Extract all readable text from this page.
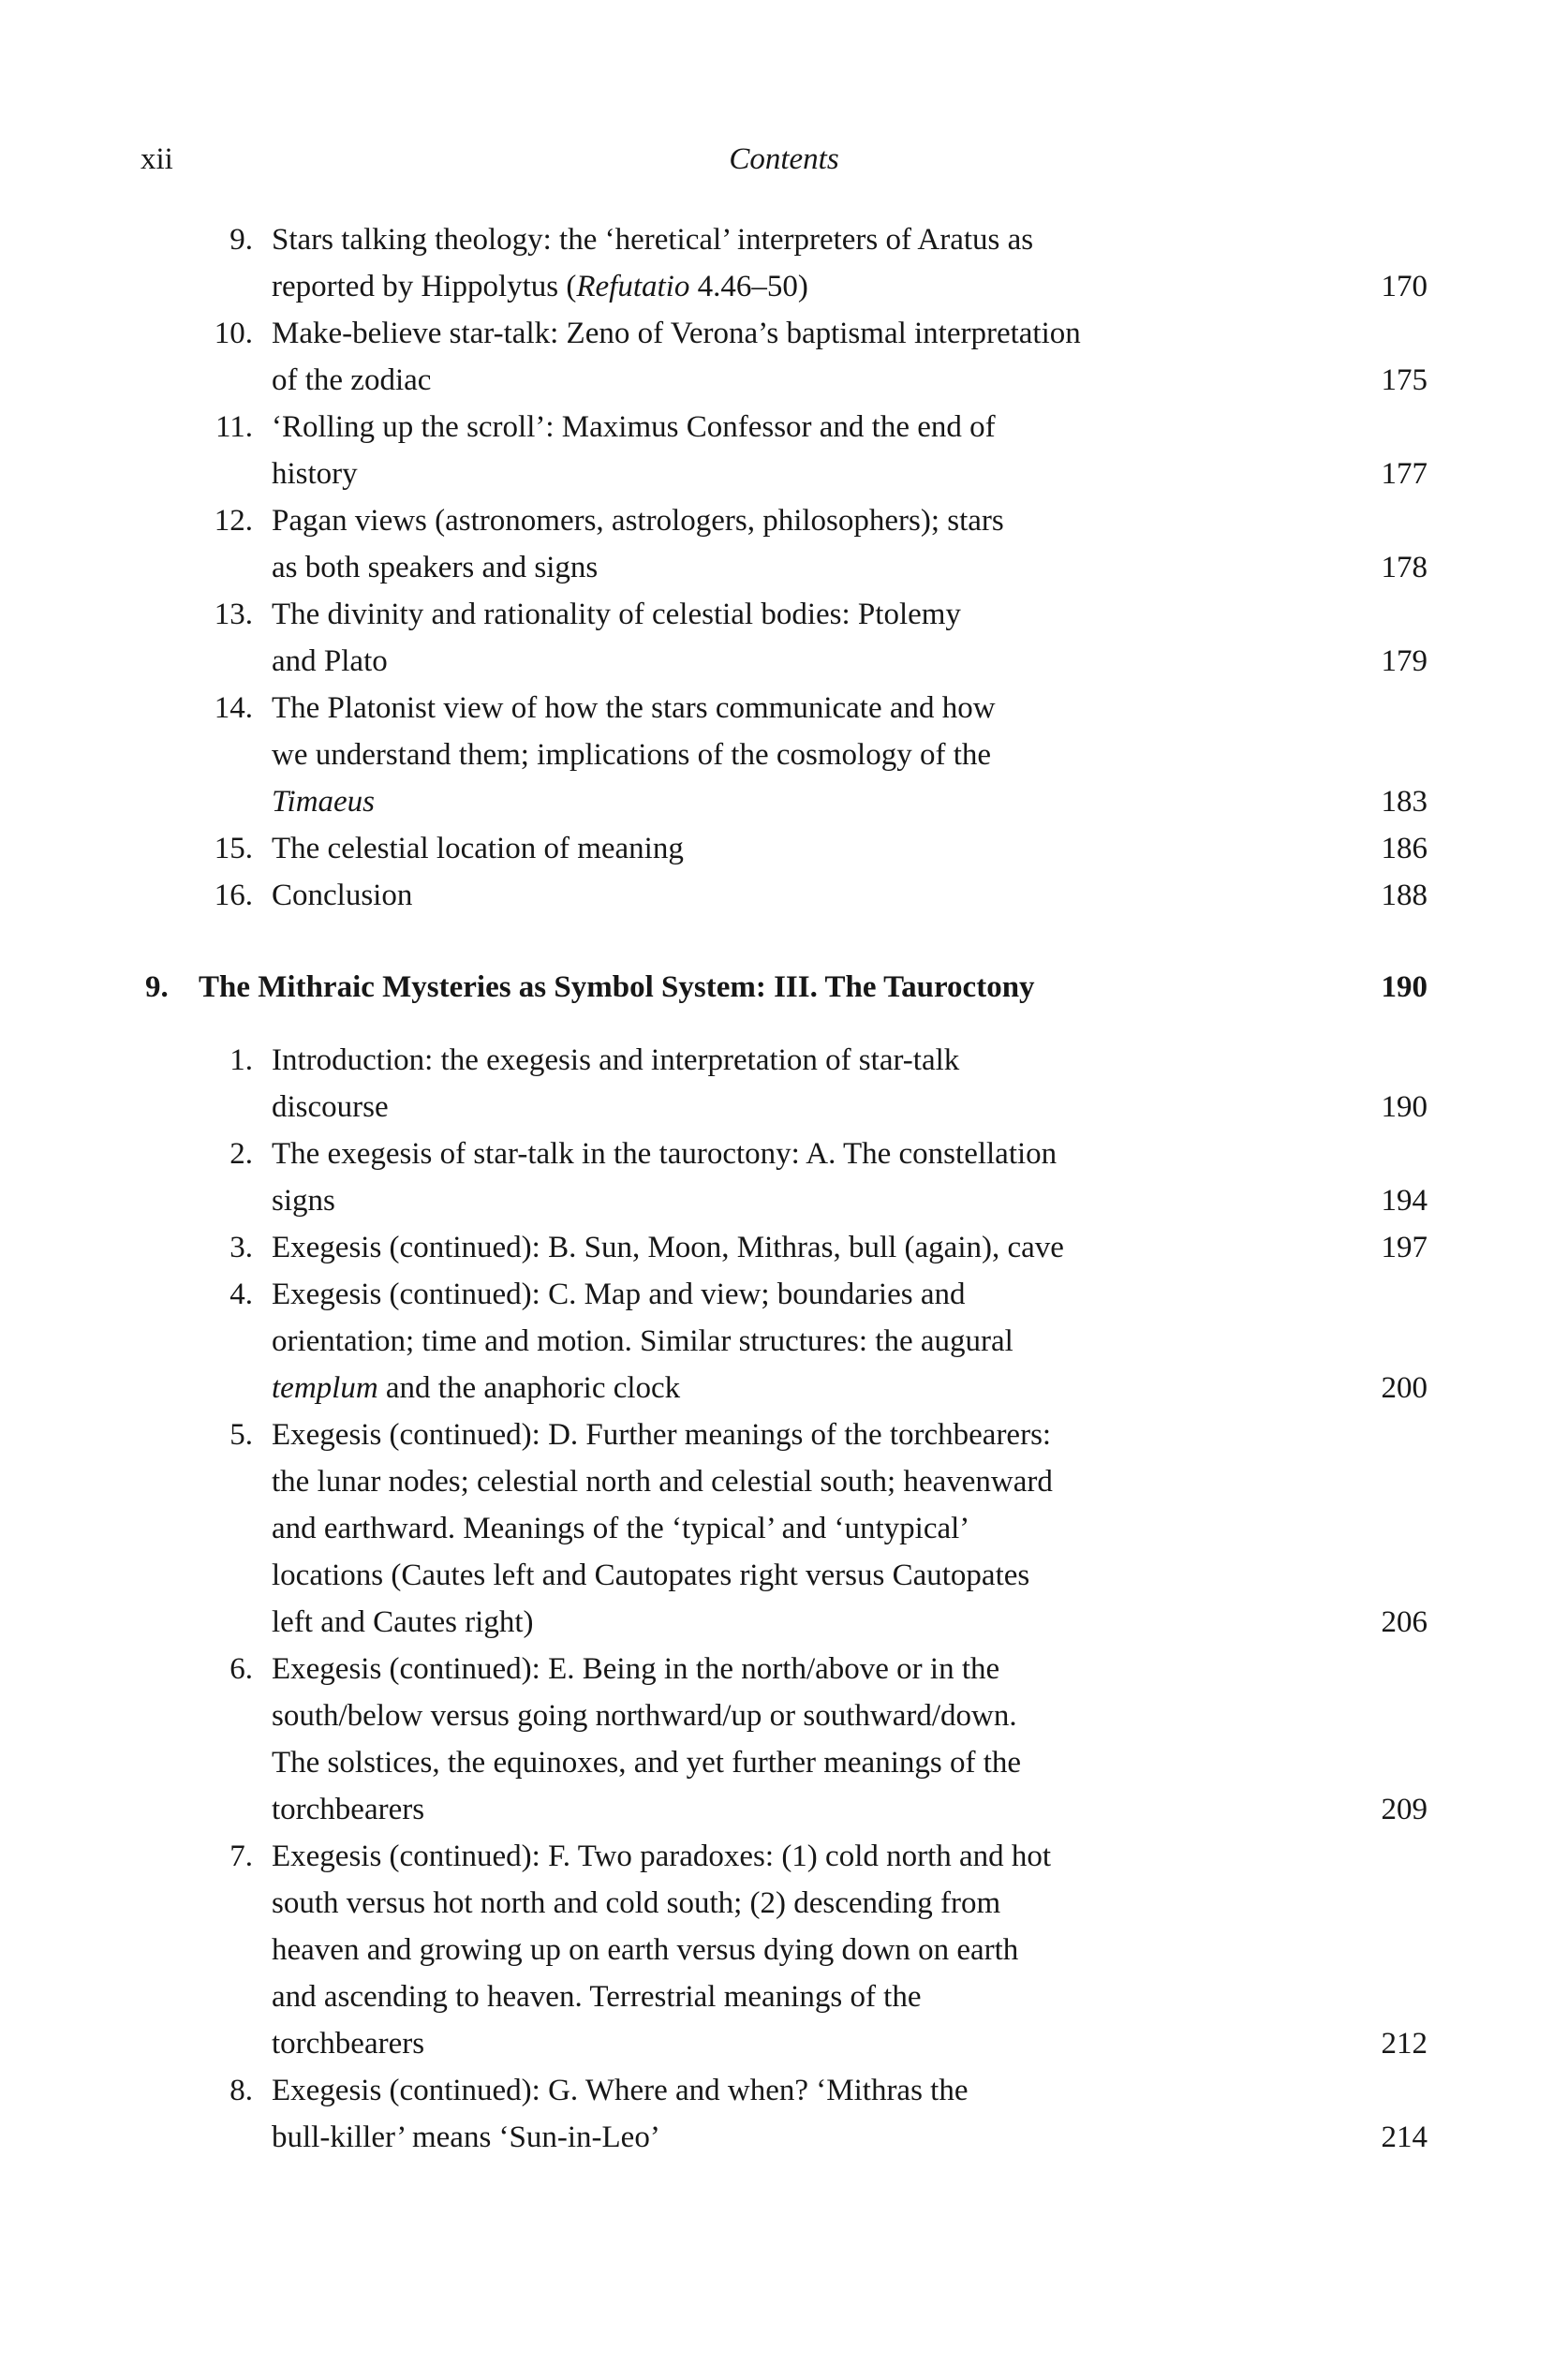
xii	Contents
9. Stars talking theology: the ‘heretical’ interpreters of Aratus as
reported by Hippolytus (Refutatio 4.46–50)	170
10. Make-believe star-talk: Zeno of Verona’s baptismal interpretation
of the zodiac	175
11. ‘Rolling up the scroll’: Maximus Confessor and the end of
history	177
12. Pagan views (astronomers, astrologers, philosophers); stars
as both speakers and signs	178
13. The divinity and rationality of celestial bodies: Ptolemy
and Plato	179
14. The Platonist view of how the stars communicate and how
we understand them; implications of the cosmology of the
Timaeus	183
15. The celestial location of meaning	186
16. Conclusion	188
9. The Mithraic Mysteries as Symbol System: III. The Tauroctony	190
1. Introduction: the exegesis and interpretation of star-talk
discourse	190
2. The exegesis of star-talk in the tauroctony: A. The constellation
signs	194
3. Exegesis (continued): B. Sun, Moon, Mithras, bull (again), cave	197
4. Exegesis (continued): C. Map and view; boundaries and
orientation; time and motion. Similar structures: the augural
templum and the anaphoric clock	200
5. Exegesis (continued): D. Further meanings of the torchbearers:
the lunar nodes; celestial north and celestial south; heavenward
and earthward. Meanings of the ‘typical’ and ‘untypical’
locations (Cautes left and Cautopates right versus Cautopates
left and Cautes right)	206
6. Exegesis (continued): E. Being in the north/above or in the
south/below versus going northward/up or southward/down.
The solstices, the equinoxes, and yet further meanings of the
torchbearers	209
7. Exegesis (continued): F. Two paradoxes: (1) cold north and hot
south versus hot north and cold south; (2) descending from
heaven and growing up on earth versus dying down on earth
and ascending to heaven. Terrestrial meanings of the
torchbearers	212
8. Exegesis (continued): G. Where and when? ‘Mithras the
bull-killer’ means ‘Sun-in-Leo’	214
